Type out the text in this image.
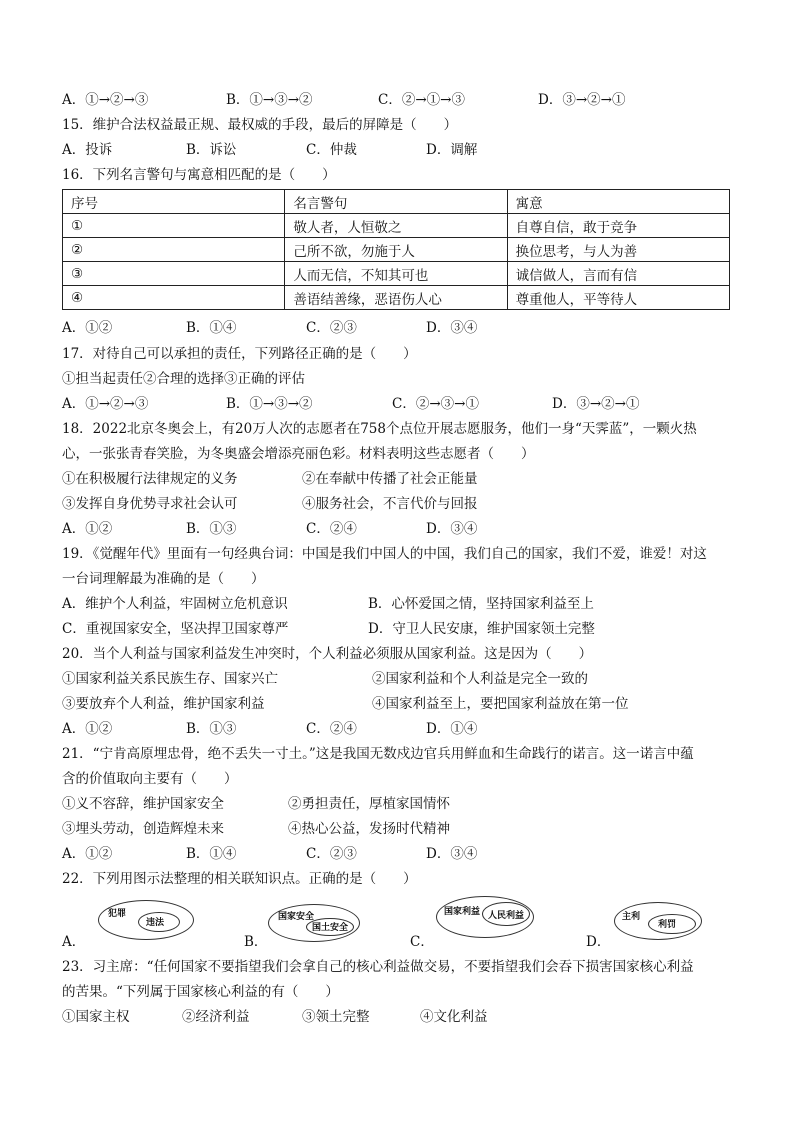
A．①→②→③	B．①→③→②	C．②→①→③	D．③→②→①
15．维护合法权益最正规、最权威的手段，最后的屏障是（　　）
A．投诉	B．诉讼	C．仲裁	D．调解
16．下列名言警句与寓意相匹配的是（　　）
序号	名言警句	寓意
①	敬人者，人恒敬之	自尊自信，敢于竞争
②	己所不欲，勿施于人	换位思考，与人为善
③	人而无信，不知其可也	诚信做人，言而有信
④	善语结善缘，恶语伤人心	尊重他人，平等待人
A．①②	B．①④	C．②③	D．③④
17．对待自己可以承担的责任，下列路径正确的是（　　）
①担当起责任②合理的选择③正确的评估
A．①→②→③	B．①→③→②	C．②→③→①	D．③→②→①
18．2022北京冬奥会上，有20万人次的志愿者在758个点位开展志愿服务，他们一身“天霁蓝”，一颗火热
心，一张张青春笑脸，为冬奥盛会增添亮丽色彩。材料表明这些志愿者（　　）
①在积极履行法律规定的义务	②在奉献中传播了社会正能量
③发挥自身优势寻求社会认可	④服务社会，不言代价与回报
A．①②	B．①③	C．②④	D．③④
19．《觉醒年代》里面有一句经典台词：中国是我们中国人的中国，我们自己的国家，我们不爱，谁爱！对这
一台词理解最为准确的是（　　）
A．维护个人利益，牢固树立危机意识	B．心怀爱国之情，坚持国家利益至上
C．重视国家安全，坚决捍卫国家尊严	D．守卫人民安康，维护国家领土完整
20．当个人利益与国家利益发生冲突时，个人利益必须服从国家利益。这是因为（　　）
①国家利益关系民族生存、国家兴亡	②国家利益和个人利益是完全一致的
③要放弃个人利益，维护国家利益	④国家利益至上，要把国家利益放在第一位
A．①②	B．①③	C．②④	D．①④
21．“宁肯高原埋忠骨，绝不丢失一寸土。”这是我国无数戍边官兵用鲜血和生命践行的诺言。这一诺言中蕴
含的价值取向主要有（　　）
①义不容辞，维护国家安全	②勇担责任，厚植家国情怀
③埋头劳动，创造辉煌未来	④热心公益，发扬时代精神
A．①②	B．①④	C．②③	D．③④
22．下列用图示法整理的相关联知识点。正确的是（　　）
A．	B．	C．	D．
犯罪
违法
国家安全
国土安全
国家利益 人民利益	主利
利罚
23．习主席：“任何国家不要指望我们会拿自己的核心利益做交易，不要指望我们会吞下损害国家核心利益
的苦果。“下列属于国家核心利益的有（　　）
①国家主权	②经济利益	③领土完整	④文化利益
